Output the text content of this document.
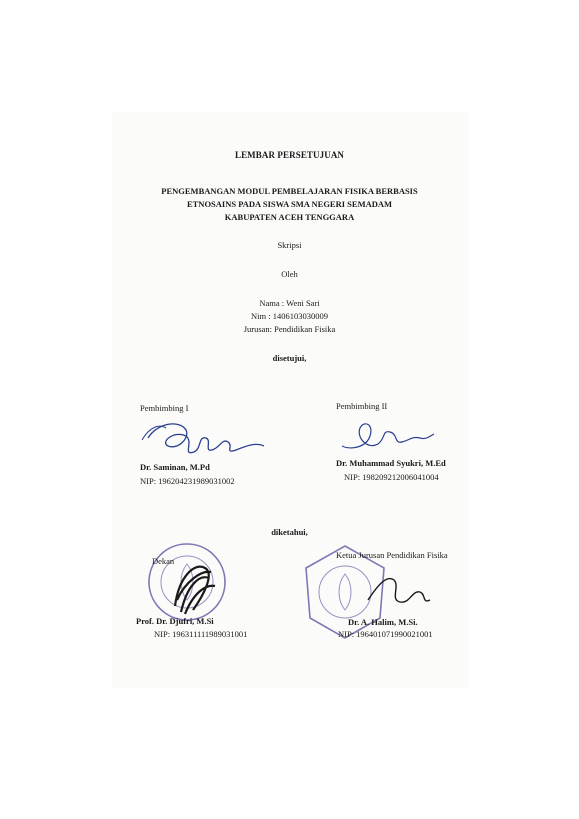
LEMBAR PERSETUJUAN
PENGEMBANGAN MODUL PEMBELAJARAN FISIKA BERBASIS
ETNOSAINS PADA SISWA SMA NEGERI SEMADAM
KABUPATEN ACEH TENGGARA
Skripsi
Oleh
Nama : Weni Sari
Nim : 1406103030009
Jurusan: Pendidikan Fisika
disetujui,
Pembimbing I
Dr. Saminan, M.Pd
NIP: 196204231989031002
Pembimbing II
Dr. Muhammad Syukri, M.Ed
NIP: 198209212006041004
diketahui,
Dekan
Prof. Dr. Djufri, M.Si
NIP: 196311111989031001
Ketua Jurusan Pendidikan Fisika
Dr. A. Halim, M.Si.
NIP: 196401071990021001
